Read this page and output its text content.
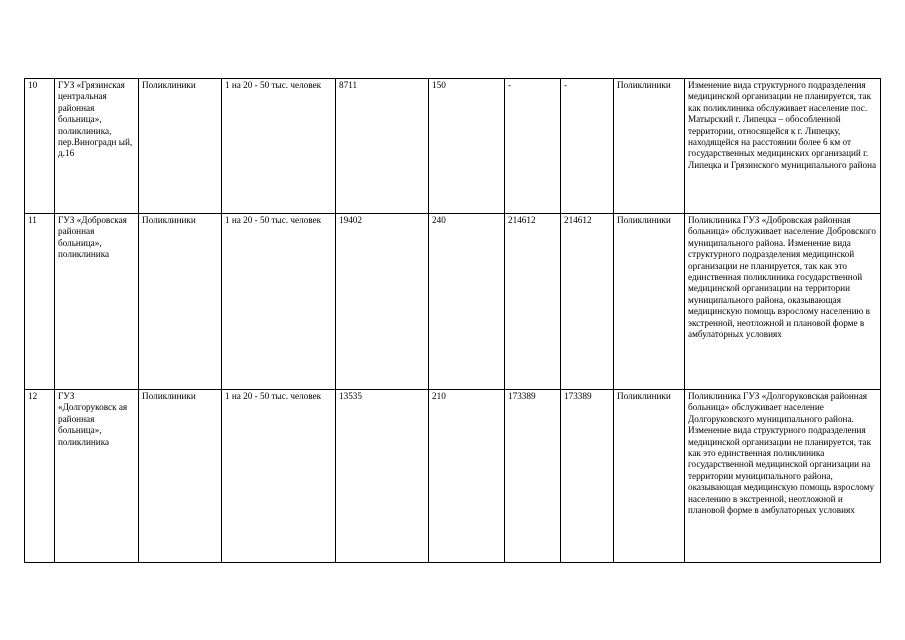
10	ГУЗ «Грязинская центральная районная больница», поликлиника, пер.Виноградн ый, д.16	Поликлиники	1 на 20 - 50 тыс. человек	8711	150	-	-	Поликлиники	Изменение вида структурного подразделения медицинской организации не планируется, так как поликлиника обслуживает население пос. Матырский г. Липецка – обособленной территории, относящейся к г. Липецку, находящейся на расстоянии более 6 км от государственных медицинских организаций г. Липецка и Грязинского муниципального района

11	ГУЗ «Добровская районная больница», поликлиника	Поликлиники	1 на 20 - 50 тыс. человек	19402	240	214612	214612	Поликлиники	Поликлиника ГУЗ «Добровская районная больница» обслуживает население Добровского муниципального района. Изменение вида структурного подразделения медицинской организации не планируется, так как это единственная поликлиника государственной медицинской организации на территории муниципального района, оказывающая медицинскую помощь взрослому населению в экстренной, неотложной и плановой форме в амбулаторных условиях

12	ГУЗ «Долгоруковск ая районная больница», поликлиника	Поликлиники	1 на 20 - 50 тыс. человек	13535	210	173389	173389	Поликлиники	Поликлиника ГУЗ «Долгоруковская районная больница» обслуживает население Долгоруковского муниципального района. Изменение вида структурного подразделения медицинской организации не планируется, так как это единственная поликлиника государственной медицинской организации на территории муниципального района, оказывающая медицинскую помощь взрослому населению в экстренной, неотложной и плановой форме в амбулаторных условиях
